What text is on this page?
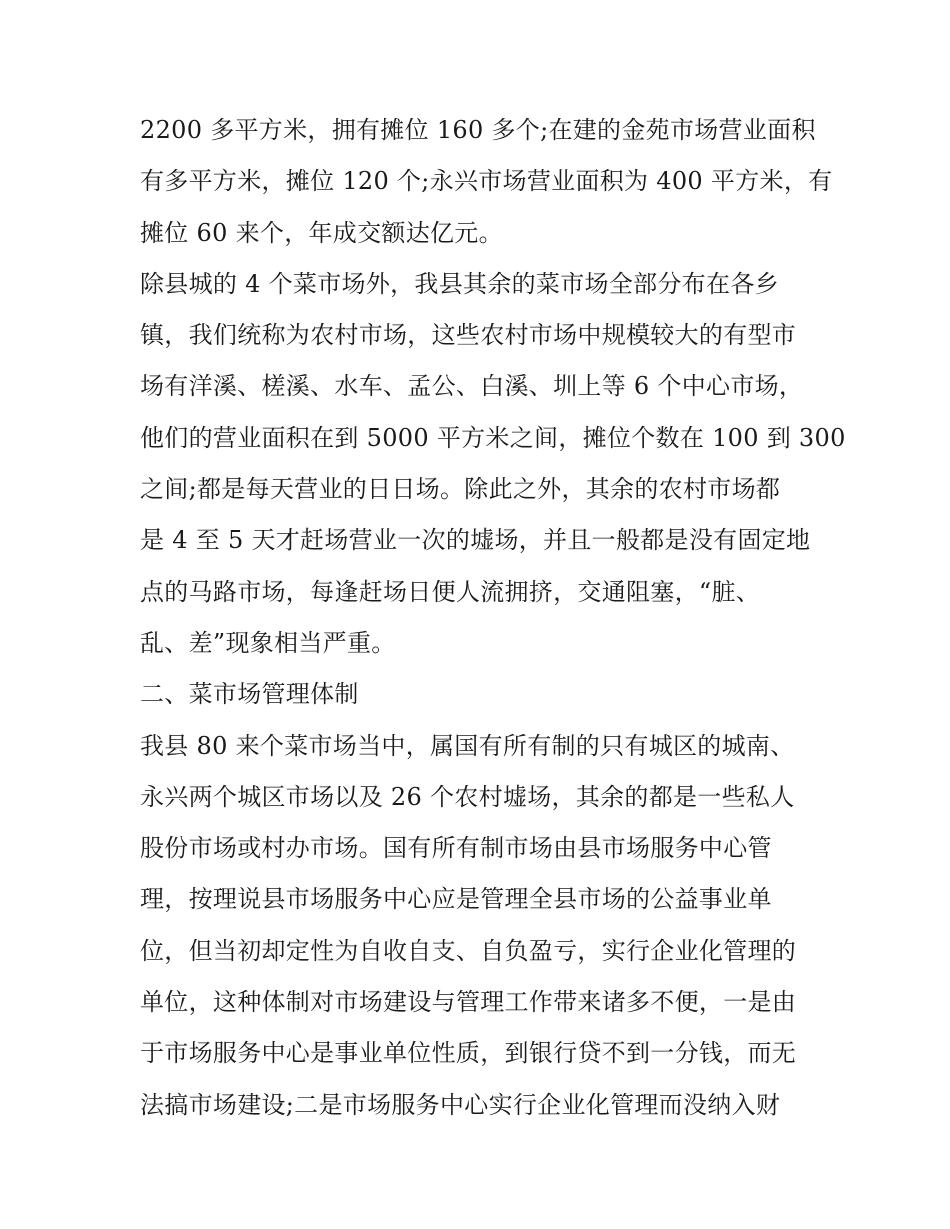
2200 多平方米，拥有摊位 160 多个;在建的金苑市场营业面积
有多平方米，摊位 120 个;永兴市场营业面积为 400 平方米，有
摊位 60 来个，年成交额达亿元。
除县城的 4 个菜市场外，我县其余的菜市场全部分布在各乡
镇，我们统称为农村市场，这些农村市场中规模较大的有型市
场有洋溪、槎溪、水车、孟公、白溪、圳上等 6 个中心市场，
他们的营业面积在到 5000 平方米之间，摊位个数在 100 到 300
之间;都是每天营业的日日场。除此之外，其余的农村市场都
是 4 至 5 天才赶场营业一次的墟场，并且一般都是没有固定地
点的马路市场，每逢赶场日便人流拥挤，交通阻塞，“脏、
乱、差”现象相当严重。
二、菜市场管理体制
我县 80 来个菜市场当中，属国有所有制的只有城区的城南、
永兴两个城区市场以及 26 个农村墟场，其余的都是一些私人
股份市场或村办市场。国有所有制市场由县市场服务中心管
理，按理说县市场服务中心应是管理全县市场的公益事业单
位，但当初却定性为自收自支、自负盈亏，实行企业化管理的
单位，这种体制对市场建设与管理工作带来诸多不便，一是由
于市场服务中心是事业单位性质，到银行贷不到一分钱，而无
法搞市场建设;二是市场服务中心实行企业化管理而没纳入财
